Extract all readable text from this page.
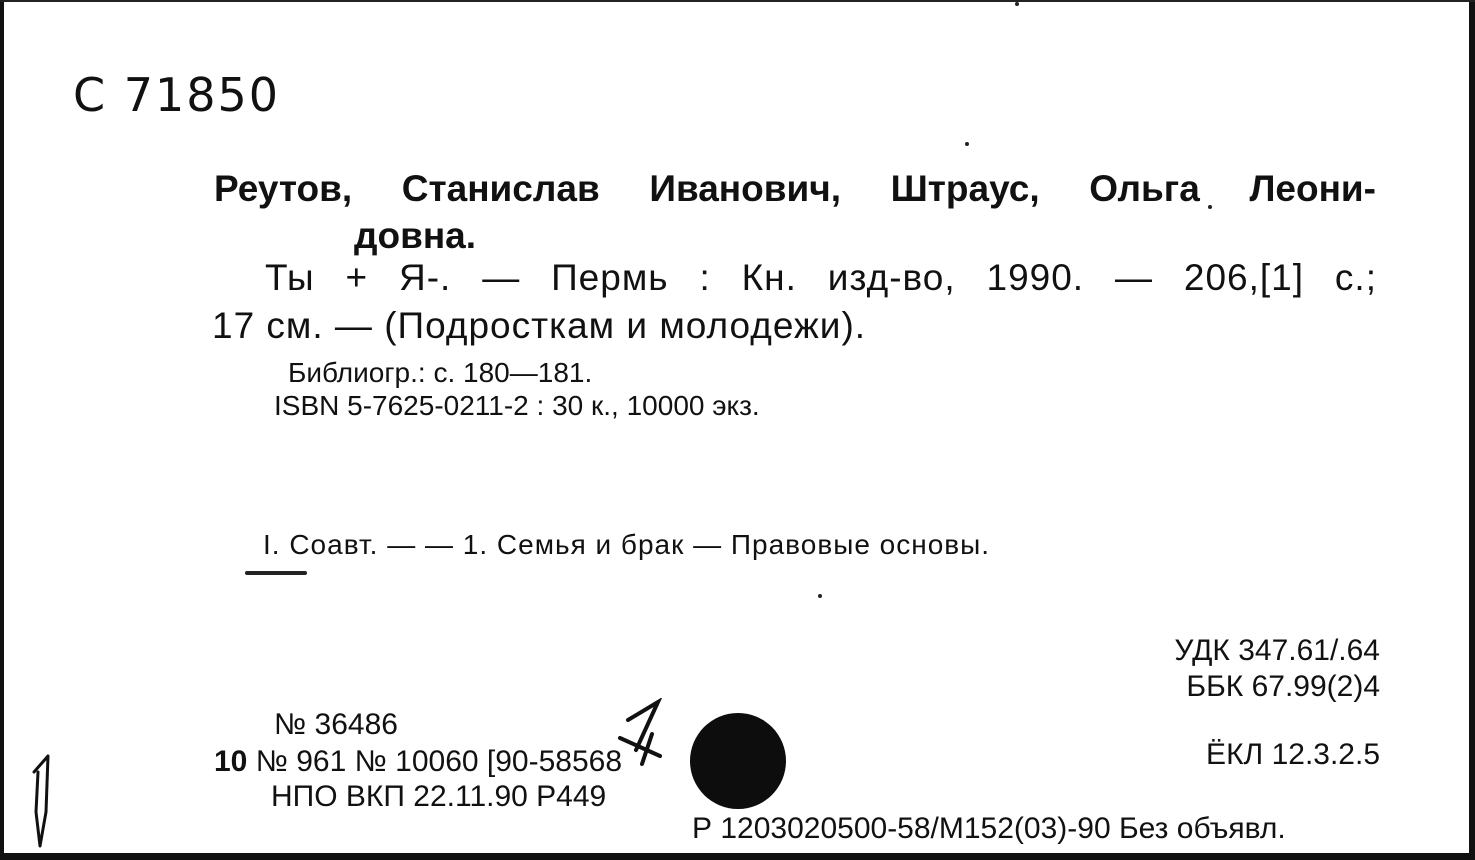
С 71850
Реутов, Станислав Иванович, Штраус, Ольга Леони-
довна.
Ты + Я-. — Пермь : Кн. изд-во, 1990. — 206,[1] с.;
17 см. — (Подросткам и молодежи).
Библиогр.: с. 180—181.
ISBN 5-7625-0211-2 : 30 к., 10000 экз.
I. Соавт. — — 1. Семья и брак — Правовые основы.
УДК 347.61/.64
ББК 67.99(2)4
ЁКЛ 12.3.2.5
№ 36486
10 № 961 № 10060 [90-58568
НПО ВКП 22.11.90 Р449
Р 1203020500-58/М152(03)-90 Без объявл.
